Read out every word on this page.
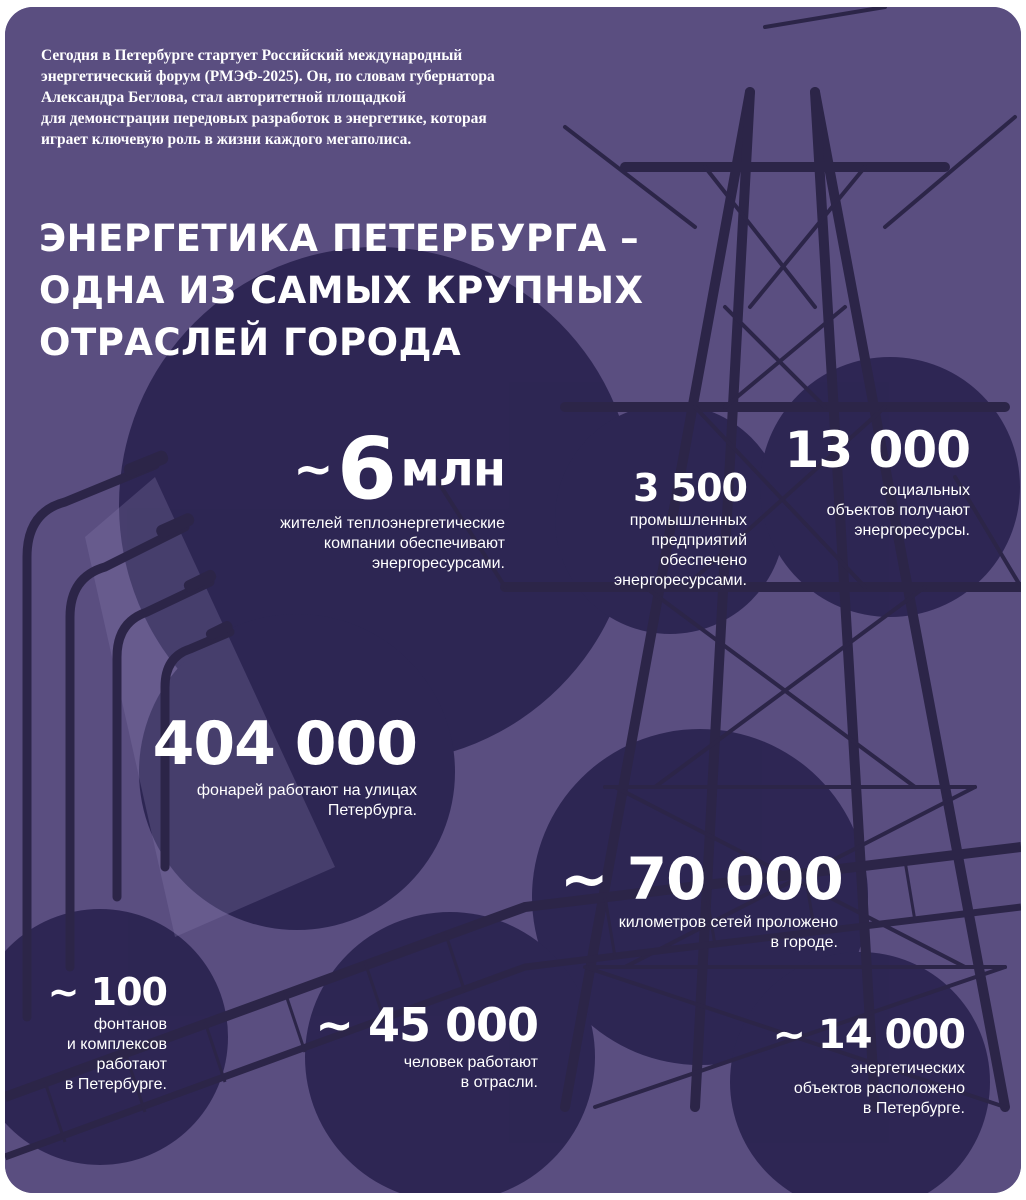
Сегодня в Петербурге стартует Российский международный
энергетический форум (РМЭФ-2025). Он, по словам губернатора
Александра Беглова, стал авторитетной площадкой
для демонстрации передовых разработок в энергетике, которая
играет ключевую роль в жизни каждого мегаполиса.
ЭНЕРГЕТИКА ПЕТЕРБУРГА –
ОДНА ИЗ САМЫХ КРУПНЫХ
ОТРАСЛЕЙ ГОРОДА
~ 6 млн
жителей теплоэнергетические
компании обеспечивают
энергоресурсами.
3 500
промышленных
предприятий
обеспечено
энергоресурсами.
13 000
социальных
объектов получают
энергоресурсы.
404 000
фонарей работают на улицах
Петербурга.
~ 70 000
километров сетей проложено
в городе.
~ 100
фонтанов
и комплексов
работают
в Петербурге.
~ 45 000
человек работают
в отрасли.
~ 14 000
энергетических
объектов расположено
в Петербурге.
